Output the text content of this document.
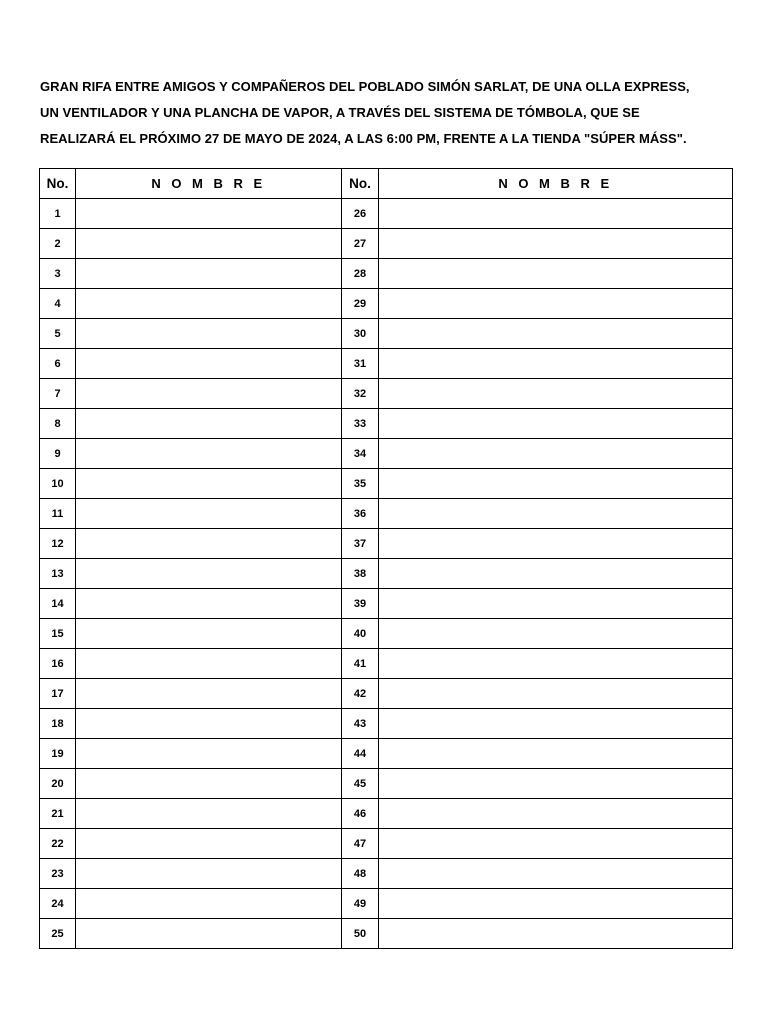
GRAN RIFA ENTRE AMIGOS Y COMPAÑEROS DEL POBLADO SIMÓN SARLAT, DE UNA OLLA EXPRESS,
UN VENTILADOR Y UNA PLANCHA DE VAPOR, A TRAVÉS DEL SISTEMA DE TÓMBOLA, QUE SE
REALIZARÁ EL PRÓXIMO 27 DE MAYO DE 2024, A LAS 6:00 PM, FRENTE A LA TIENDA "SÚPER MÁSS".
No.	N O M B R E	No.	N O M B R E
1		26	
2		27	
3		28	
4		29	
5		30	
6		31	
7		32	
8		33	
9		34	
10		35	
11		36	
12		37	
13		38	
14		39	
15		40	
16		41	
17		42	
18		43	
19		44	
20		45	
21		46	
22		47	
23		48	
24		49	
25		50	
